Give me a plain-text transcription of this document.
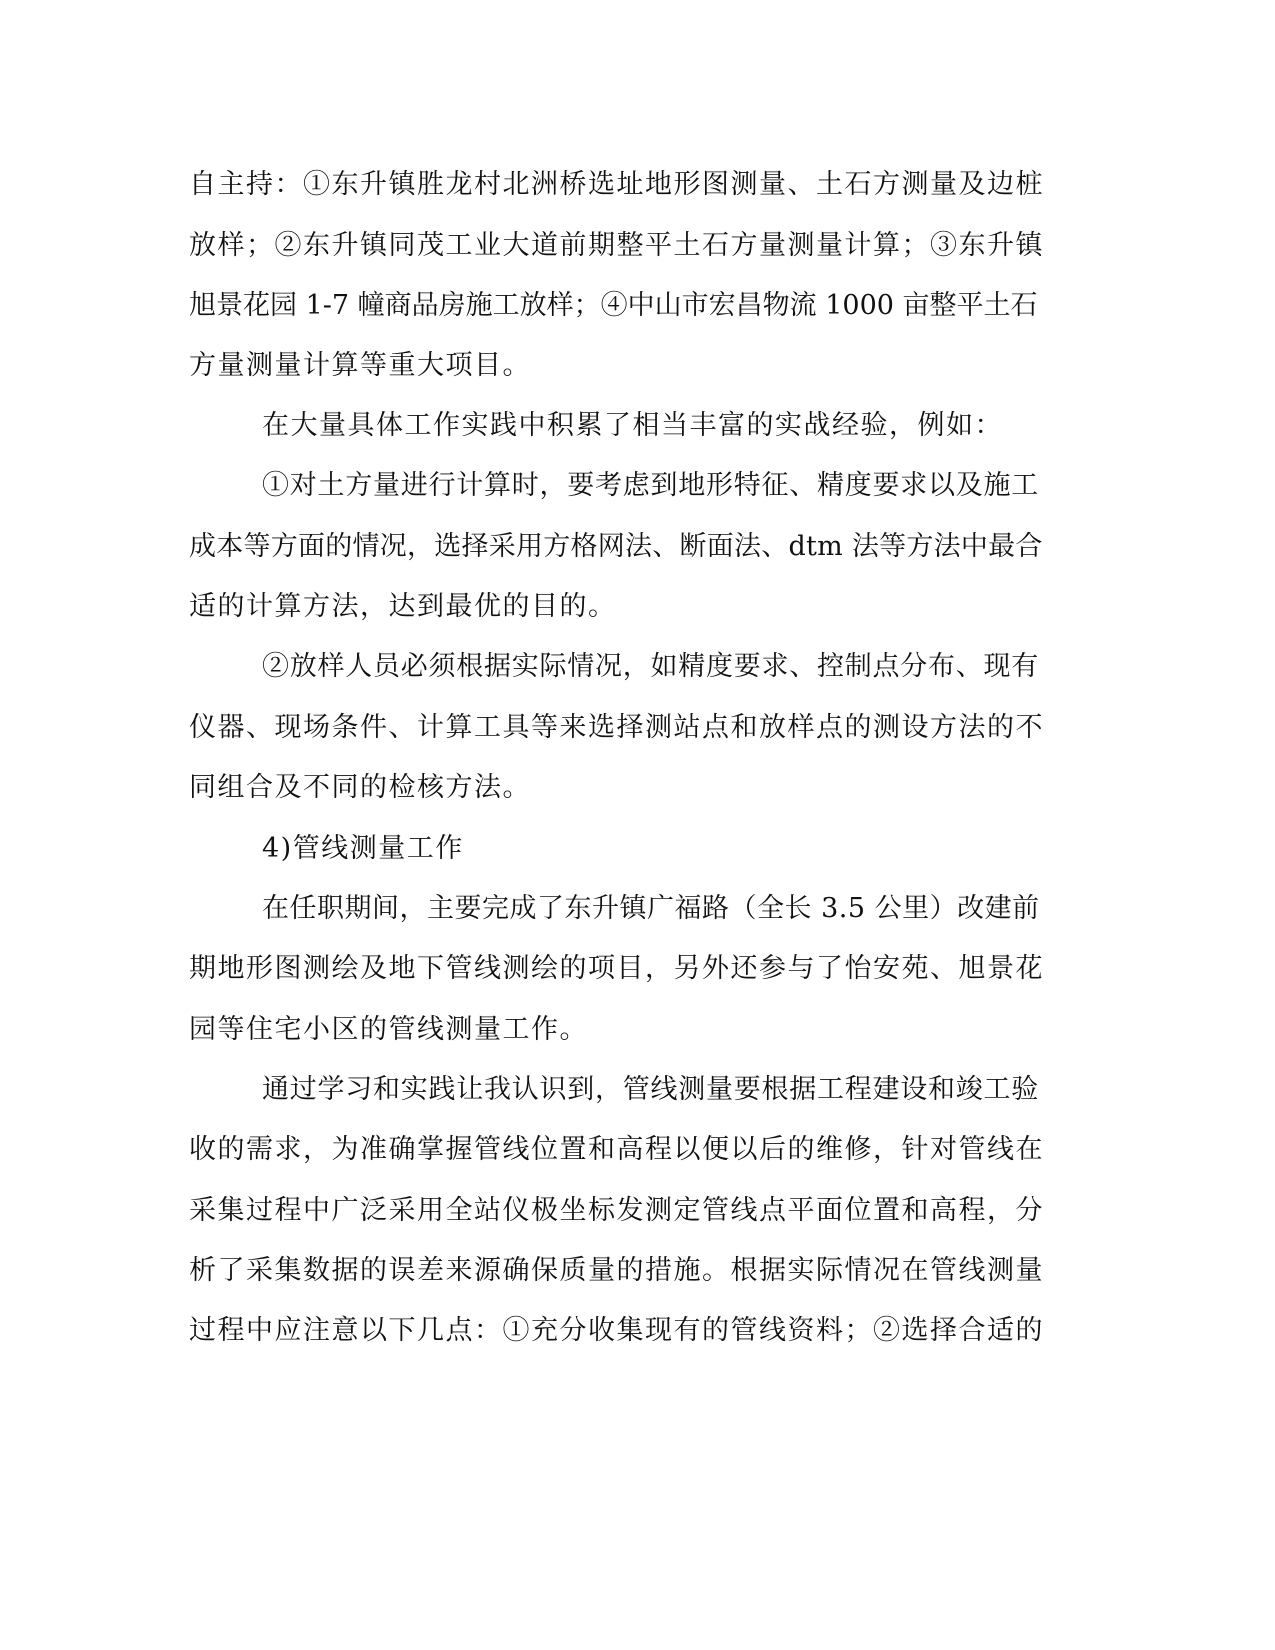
自主持：①东升镇胜龙村北洲桥选址地形图测量、土石方测量及边桩
放样；②东升镇同茂工业大道前期整平土石方量测量计算；③东升镇
旭景花园 1-7 幢商品房施工放样；④中山市宏昌物流 1000 亩整平土石
方量测量计算等重大项目。
在大量具体工作实践中积累了相当丰富的实战经验，例如：
①对土方量进行计算时，要考虑到地形特征、精度要求以及施工
成本等方面的情况，选择采用方格网法、断面法、dtm 法等方法中最合
适的计算方法，达到最优的目的。
②放样人员必须根据实际情况，如精度要求、控制点分布、现有
仪器、现场条件、计算工具等来选择测站点和放样点的测设方法的不
同组合及不同的检核方法。
4)管线测量工作
在任职期间，主要完成了东升镇广福路（全长 3.5 公里）改建前
期地形图测绘及地下管线测绘的项目，另外还参与了怡安苑、旭景花
园等住宅小区的管线测量工作。
通过学习和实践让我认识到，管线测量要根据工程建设和竣工验
收的需求，为准确掌握管线位置和高程以便以后的维修，针对管线在
采集过程中广泛采用全站仪极坐标发测定管线点平面位置和高程，分
析了采集数据的误差来源确保质量的措施。根据实际情况在管线测量
过程中应注意以下几点：①充分收集现有的管线资料；②选择合适的
